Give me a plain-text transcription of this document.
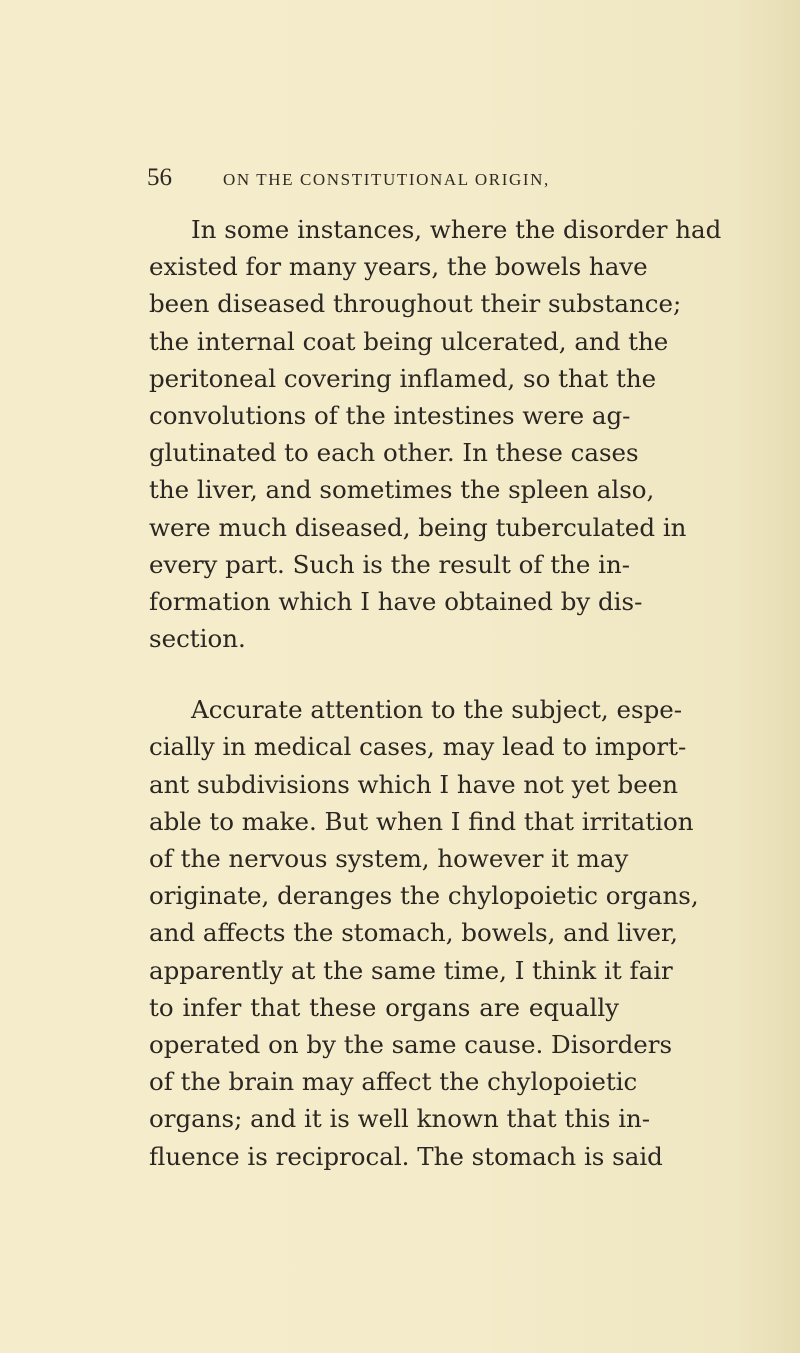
56	ON THE CONSTITUTIONAL ORIGIN,
In some instances, where the disorder had
existed for many years, the bowels have
been diseased throughout their substance;
the internal coat being ulcerated, and the
peritoneal covering inflamed, so that the
convolutions of the intestines were ag-
glutinated to each other. In these cases
the liver, and sometimes the spleen also,
were much diseased, being tuberculated in
every part. Such is the result of the in-
formation which I have obtained by dis-
section.
Accurate attention to the subject, espe-
cially in medical cases, may lead to import-
ant subdivisions which I have not yet been
able to make. But when I find that irritation
of the nervous system, however it may
originate, deranges the chylopoietic organs,
and affects the stomach, bowels, and liver,
apparently at the same time, I think it fair
to infer that these organs are equally
operated on by the same cause. Disorders
of the brain may affect the chylopoietic
organs; and it is well known that this in-
fluence is reciprocal. The stomach is said
